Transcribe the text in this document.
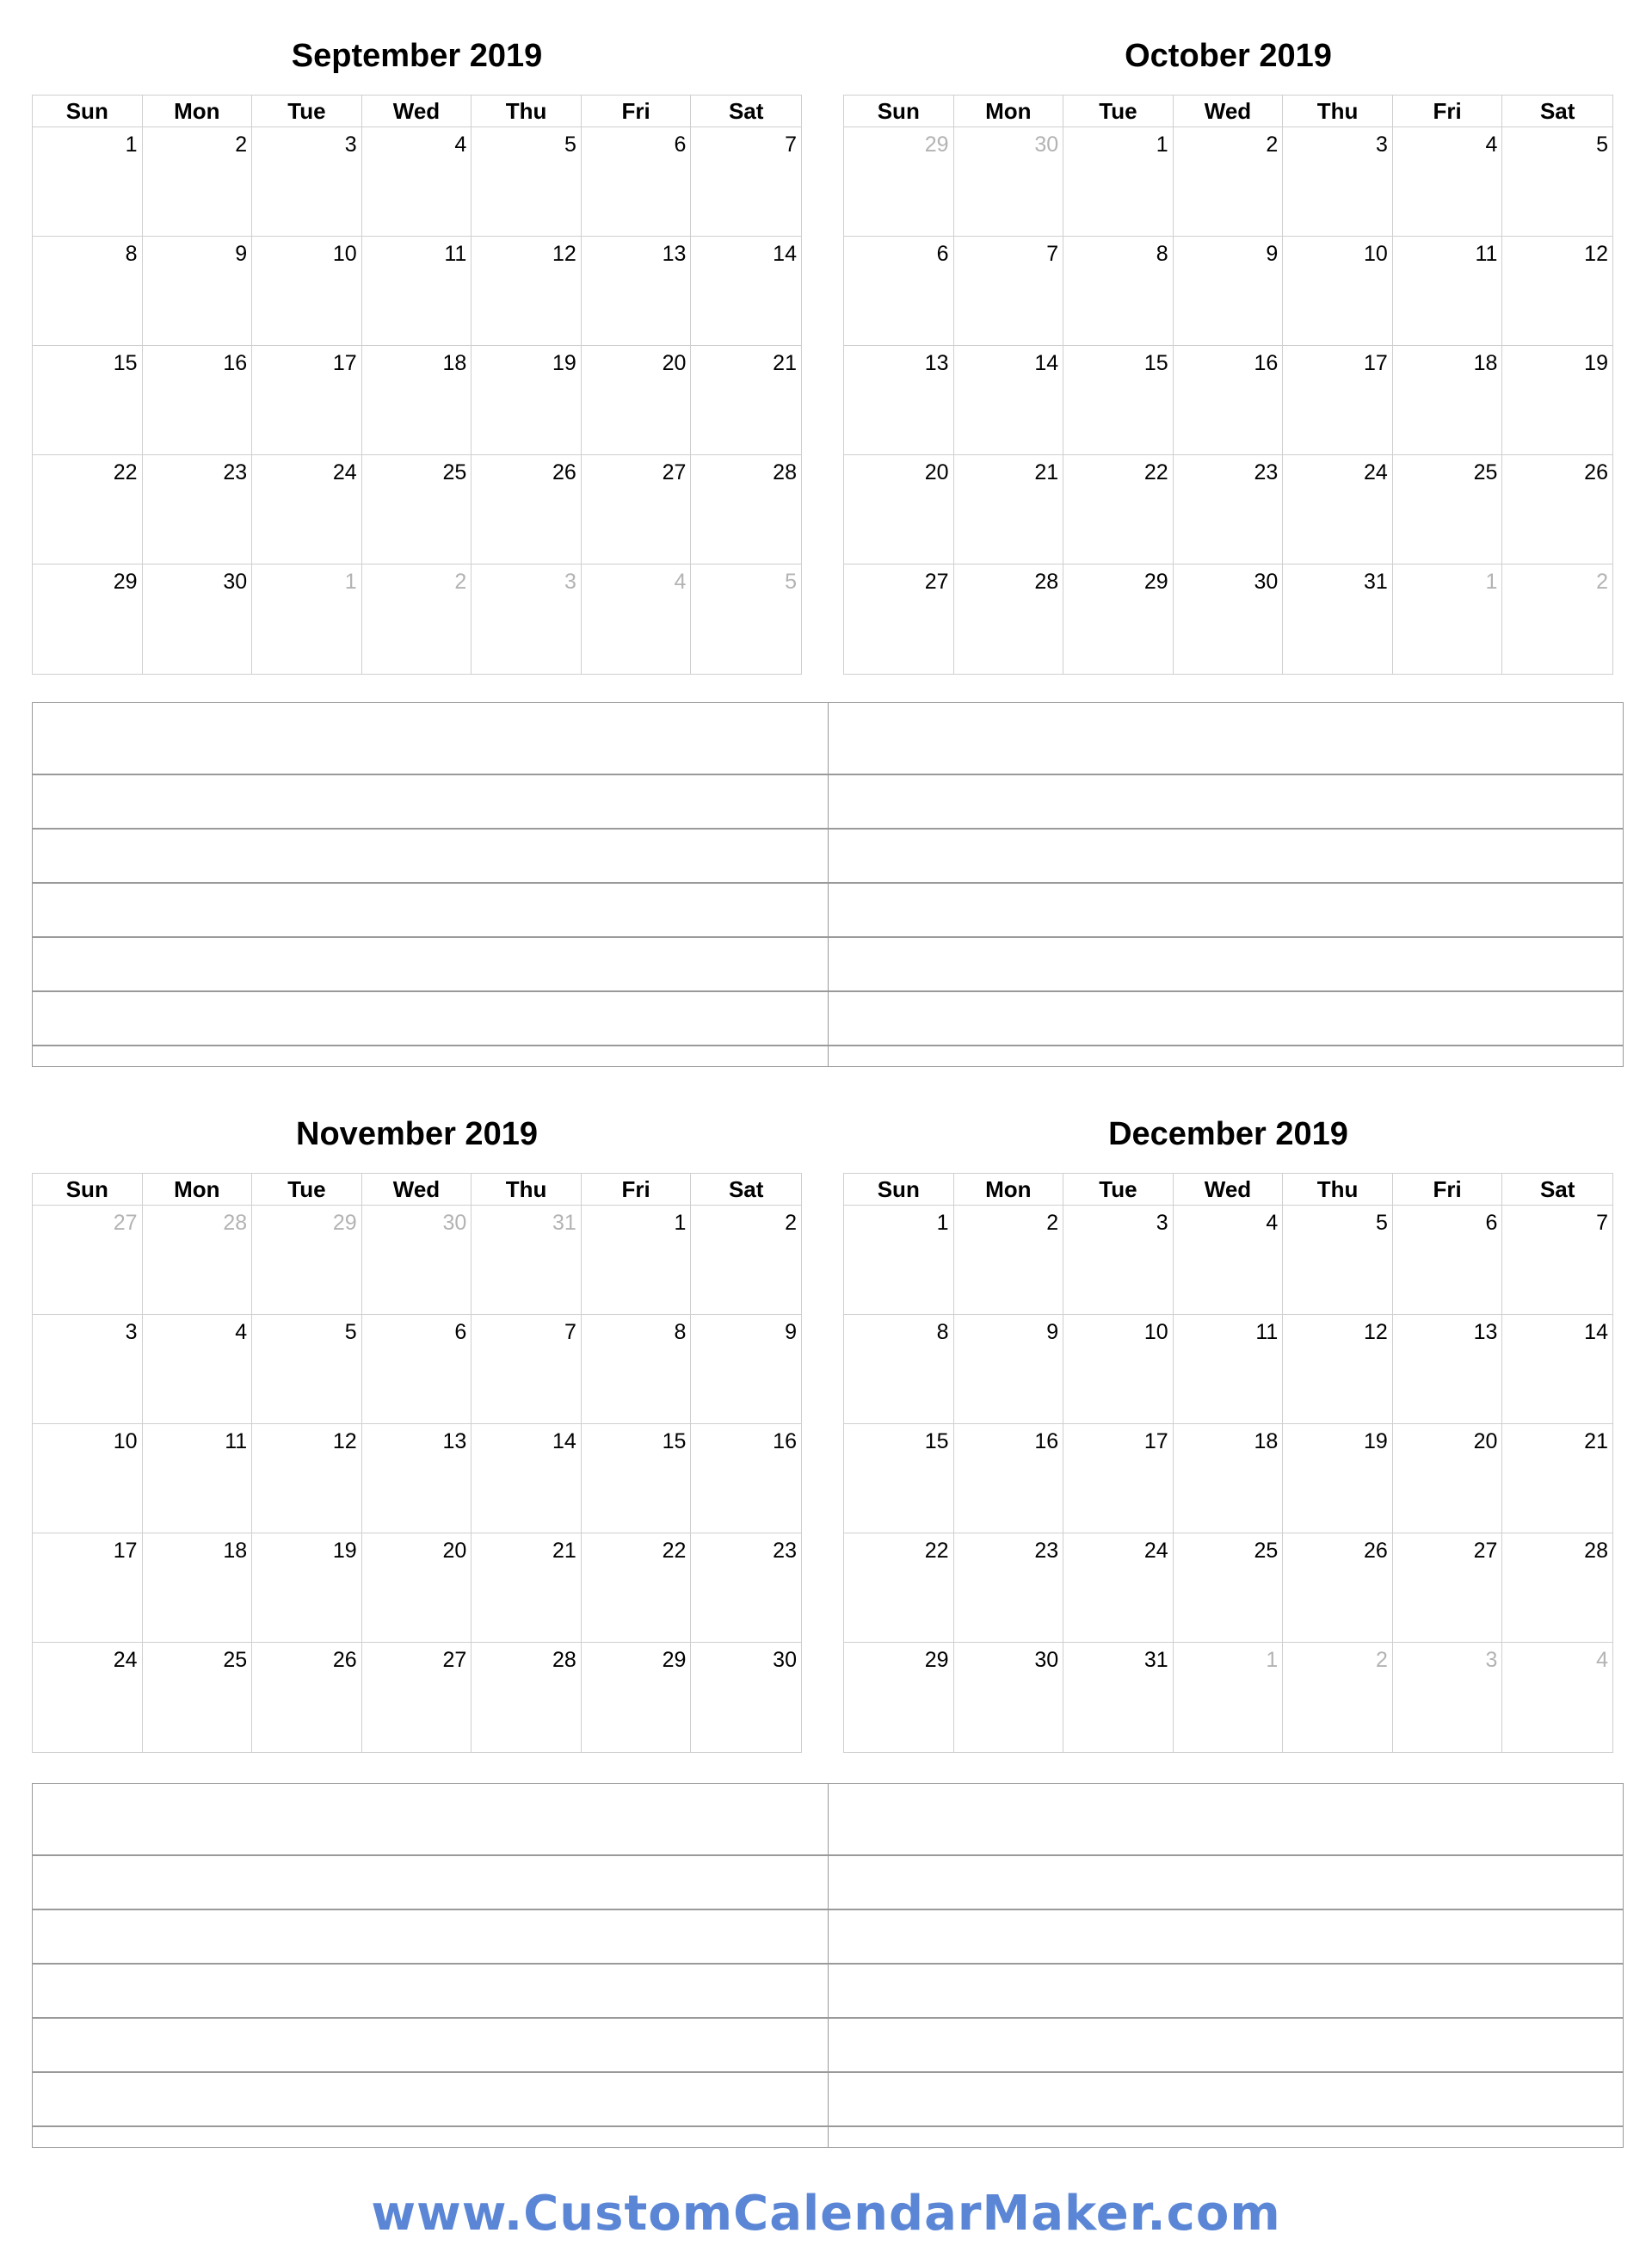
September 2019
Sun	Mon	Tue	Wed	Thu	Fri	Sat
1	2	3	4	5	6	7
8	9	10	11	12	13	14
15	16	17	18	19	20	21
22	23	24	25	26	27	28
29	30	1	2	3	4	5
October 2019
Sun	Mon	Tue	Wed	Thu	Fri	Sat
29	30	1	2	3	4	5
6	7	8	9	10	11	12
13	14	15	16	17	18	19
20	21	22	23	24	25	26
27	28	29	30	31	1	2
November 2019
Sun	Mon	Tue	Wed	Thu	Fri	Sat
27	28	29	30	31	1	2
3	4	5	6	7	8	9
10	11	12	13	14	15	16
17	18	19	20	21	22	23
24	25	26	27	28	29	30
December 2019
Sun	Mon	Tue	Wed	Thu	Fri	Sat
1	2	3	4	5	6	7
8	9	10	11	12	13	14
15	16	17	18	19	20	21
22	23	24	25	26	27	28
29	30	31	1	2	3	4
www.CustomCalendarMaker.com
